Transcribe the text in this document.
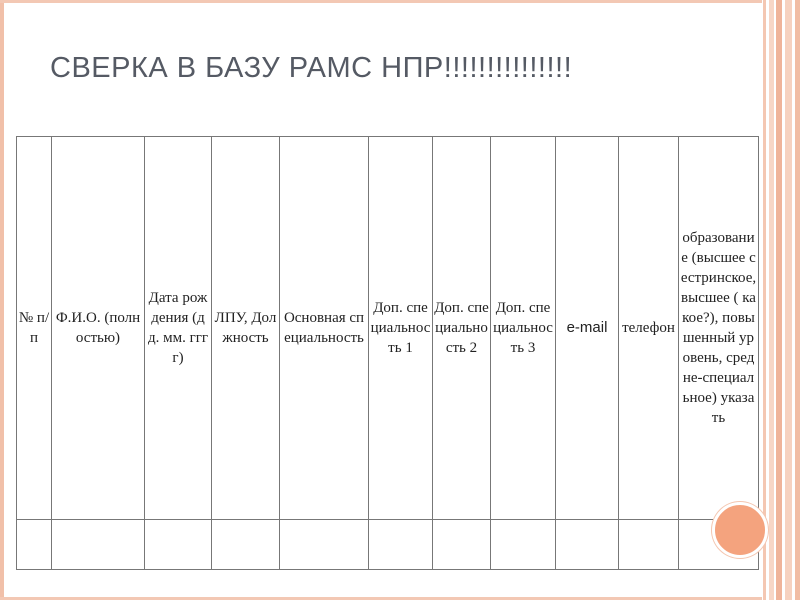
СВЕРКА В БАЗУ РАМС НПР!!!!!!!!!!!!!!!
№ п/п	Ф.И.О. (полностью)	Дата рождения (дд. мм. гггг)	ЛПУ, Должность	Основная специальность	Доп. специальность 1	Доп. специальность 2	Доп. специальность 3	e-mail	телефон	образование (высшее сестринское, высшее ( какое?), повышенный уровень, средне-специальное) указать
